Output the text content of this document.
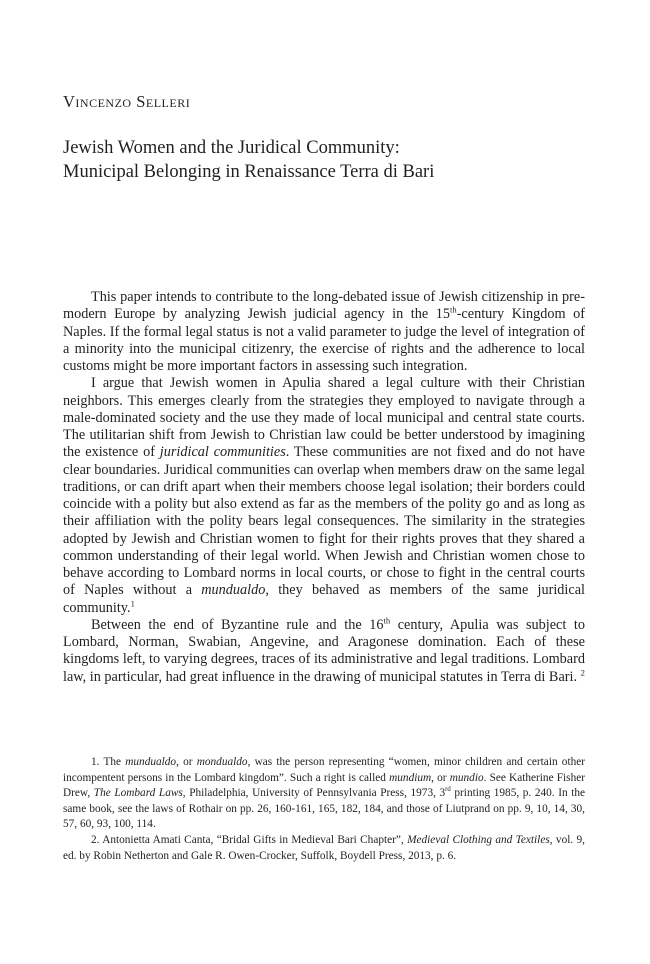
Vincenzo Selleri
Jewish Women and the Juridical Community:
Municipal Belonging in Renaissance Terra di Bari

This paper intends to contribute to the long-debated issue of Jewish citizenship in pre-modern Europe by analyzing Jewish judicial agency in the 15th-century Kingdom of Naples. If the formal legal status is not a valid parameter to judge the level of integration of a minority into the municipal citizenry, the exercise of rights and the adherence to local customs might be more important factors in assessing such integration.

I argue that Jewish women in Apulia shared a legal culture with their Christian neighbors. This emerges clearly from the strategies they employed to navigate through a male-dominated society and the use they made of local municipal and central state courts. The utilitarian shift from Jewish to Christian law could be better understood by imagining the existence of juridical communities. These communities are not fixed and do not have clear boundaries. Juridical communities can overlap when members draw on the same legal traditions, or can drift apart when their members choose legal isolation; their borders could coincide with a polity but also extend as far as the members of the polity go and as long as their affiliation with the polity bears legal consequences. The similarity in the strategies adopted by Jewish and Christian women to fight for their rights proves that they shared a common understanding of their legal world. When Jewish and Christian women chose to behave according to Lombard norms in local courts, or chose to fight in the central courts of Naples without a mundualdo, they behaved as members of the same juridical community.$^1$

Between the end of Byzantine rule and the 16th century, Apulia was subject to Lombard, Norman, Swabian, Angevine, and Aragonese domination. Each of these kingdoms left, to varying degrees, traces of its administrative and legal traditions. Lombard law, in particular, had great influence in the drawing of municipal statutes in Terra di Bari. $^2$

1. The mundualdo, or mondualdo, was the person representing “women, minor children and certain other incompentent persons in the Lombard kingdom”. Such a right is called mundium, or mundio. See Katherine Fisher Drew, The Lombard Laws, Philadelphia, University of Pennsylvania Press, 1973, 3rd printing 1985, p. 240. In the same book, see the laws of Rothair on pp. 26, 160-161, 165, 182, 184, and those of Liutprand on pp. 9, 10, 14, 30, 57, 60, 93, 100, 114.

2. Antonietta Amati Canta, “Bridal Gifts in Medieval Bari Chapter”, Medieval Clothing and Textiles, vol. 9, ed. by Robin Netherton and Gale R. Owen-Crocker, Suffolk, Boydell Press, 2013, p. 6.
